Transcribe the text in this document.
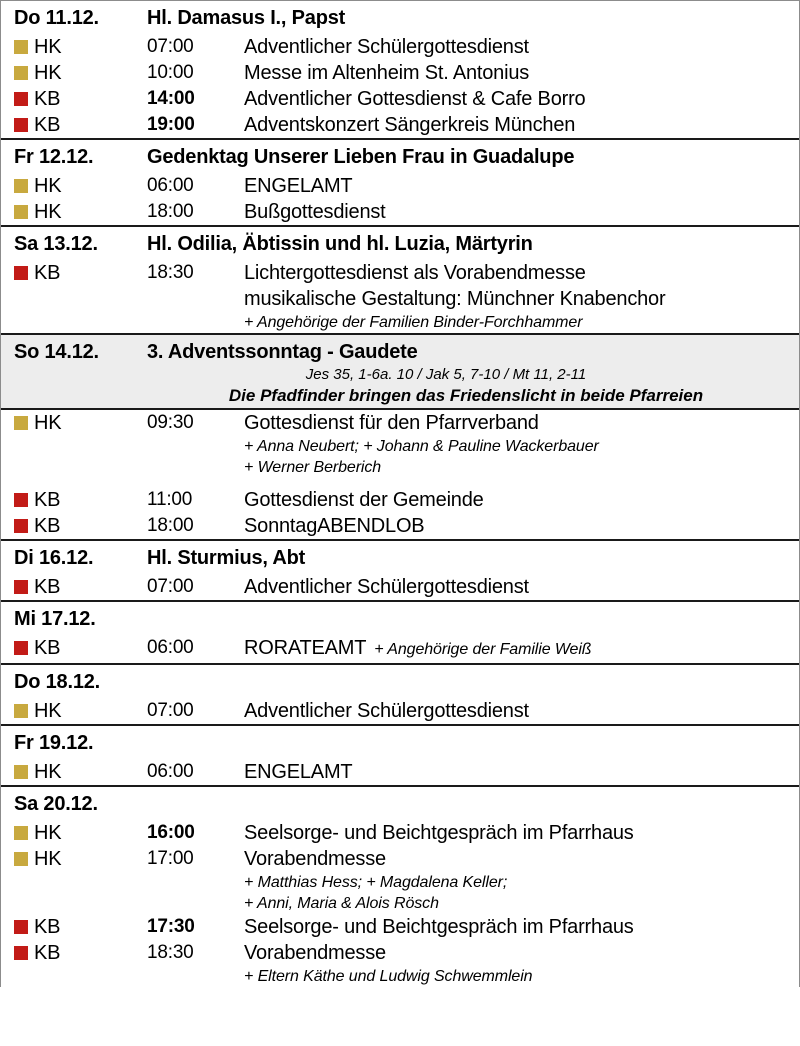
Do 11.12.	Hl. Damasus I., Papst
HK	07:00	Adventlicher Schülergottesdienst
HK	10:00	Messe im Altenheim St. Antonius
KB	14:00	Adventlicher Gottesdienst & Cafe Borro
KB	19:00	Adventskonzert Sängerkreis München
Fr 12.12.	Gedenktag Unserer Lieben Frau in Guadalupe
HK	06:00	ENGELAMT
HK	18:00	Bußgottesdienst
Sa 13.12.	Hl. Odilia, Äbtissin und hl. Luzia, Märtyrin
KB	18:30	Lichtergottesdienst als Vorabendmesse
musikalische Gestaltung: Münchner Knabenchor
+ Angehörige der Familien Binder-Forchhammer
So 14.12.	3. Adventssonntag - Gaudete
Jes 35, 1-6a. 10 / Jak 5, 7-10 / Mt 11, 2-11
Die Pfadfinder bringen das Friedenslicht in beide Pfarreien
HK	09:30	Gottesdienst für den Pfarrverband
+ Anna Neubert; + Johann & Pauline Wackerbauer
+ Werner Berberich
KB	11:00	Gottesdienst der Gemeinde
KB	18:00	SonntagABENDLOB
Di 16.12.	Hl. Sturmius, Abt
KB	07:00	Adventlicher Schülergottesdienst
Mi 17.12.
KB	06:00	RORATEAMT + Angehörige der Familie Weiß
Do 18.12.
HK	07:00	Adventlicher Schülergottesdienst
Fr 19.12.
HK	06:00	ENGELAMT
Sa 20.12.
HK	16:00	Seelsorge- und Beichtgespräch im Pfarrhaus
HK	17:00	Vorabendmesse
+ Matthias Hess; + Magdalena Keller;
+ Anni, Maria & Alois Rösch
KB	17:30	Seelsorge- und Beichtgespräch im Pfarrhaus
KB	18:30	Vorabendmesse
+ Eltern Käthe und Ludwig Schwemmlein
